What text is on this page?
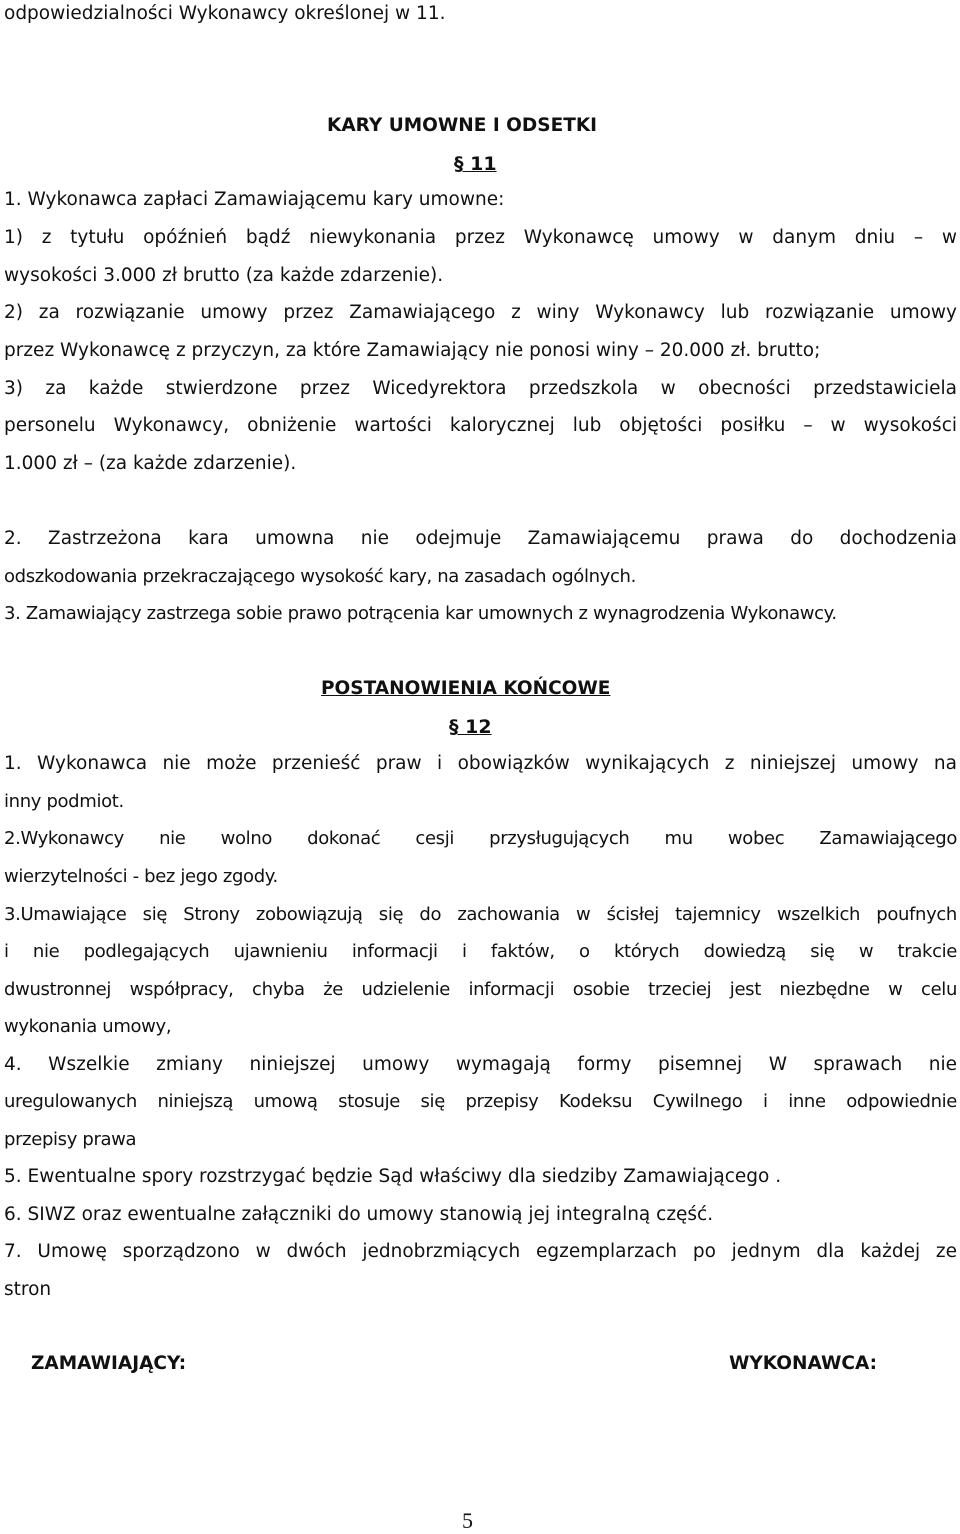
odpowiedzialności Wykonawcy określonej w 11.
KARY UMOWNE I ODSETKI
§ 11
1. Wykonawca zapłaci Zamawiającemu kary umowne:
1) z tytułu opóźnień bądź niewykonania przez Wykonawcę umowy w danym dniu – w
wysokości 3.000 zł brutto (za każde zdarzenie).
2) za rozwiązanie umowy przez Zamawiającego z winy Wykonawcy lub rozwiązanie umowy
przez Wykonawcę z przyczyn, za które Zamawiający nie ponosi winy – 20.000 zł. brutto;
3) za każde stwierdzone przez Wicedyrektora przedszkola w obecności przedstawiciela
personelu Wykonawcy, obniżenie wartości kalorycznej lub objętości posiłku – w wysokości
1.000 zł – (za każde zdarzenie).
2. Zastrzeżona kara umowna nie odejmuje Zamawiającemu prawa do dochodzenia
odszkodowania przekraczającego wysokość kary, na zasadach ogólnych.
3. Zamawiający zastrzega sobie prawo potrącenia kar umownych z wynagrodzenia Wykonawcy.
POSTANOWIENIA KOŃCOWE
§ 12
1. Wykonawca nie może przenieść praw i obowiązków wynikających z niniejszej umowy na
inny podmiot.
2.Wykonawcy nie wolno dokonać cesji przysługujących mu wobec Zamawiającego
wierzytelności - bez jego zgody.
3.Umawiające się Strony zobowiązują się do zachowania w ścisłej tajemnicy wszelkich poufnych
i nie podlegających ujawnieniu informacji i faktów, o których dowiedzą się w trakcie
dwustronnej współpracy, chyba że udzielenie informacji osobie trzeciej jest niezbędne w celu
wykonania umowy,
4. Wszelkie zmiany niniejszej umowy wymagają formy pisemnej W sprawach nie
uregulowanych niniejszą umową stosuje się przepisy Kodeksu Cywilnego i inne odpowiednie
przepisy prawa
5. Ewentualne spory rozstrzygać będzie Sąd właściwy dla siedziby Zamawiającego .
6. SIWZ oraz ewentualne załączniki do umowy stanowią jej integralną część.
7. Umowę sporządzono w dwóch jednobrzmiących egzemplarzach po jednym dla każdej ze
stron
ZAMAWIAJĄCY:	WYKONAWCA:
5
